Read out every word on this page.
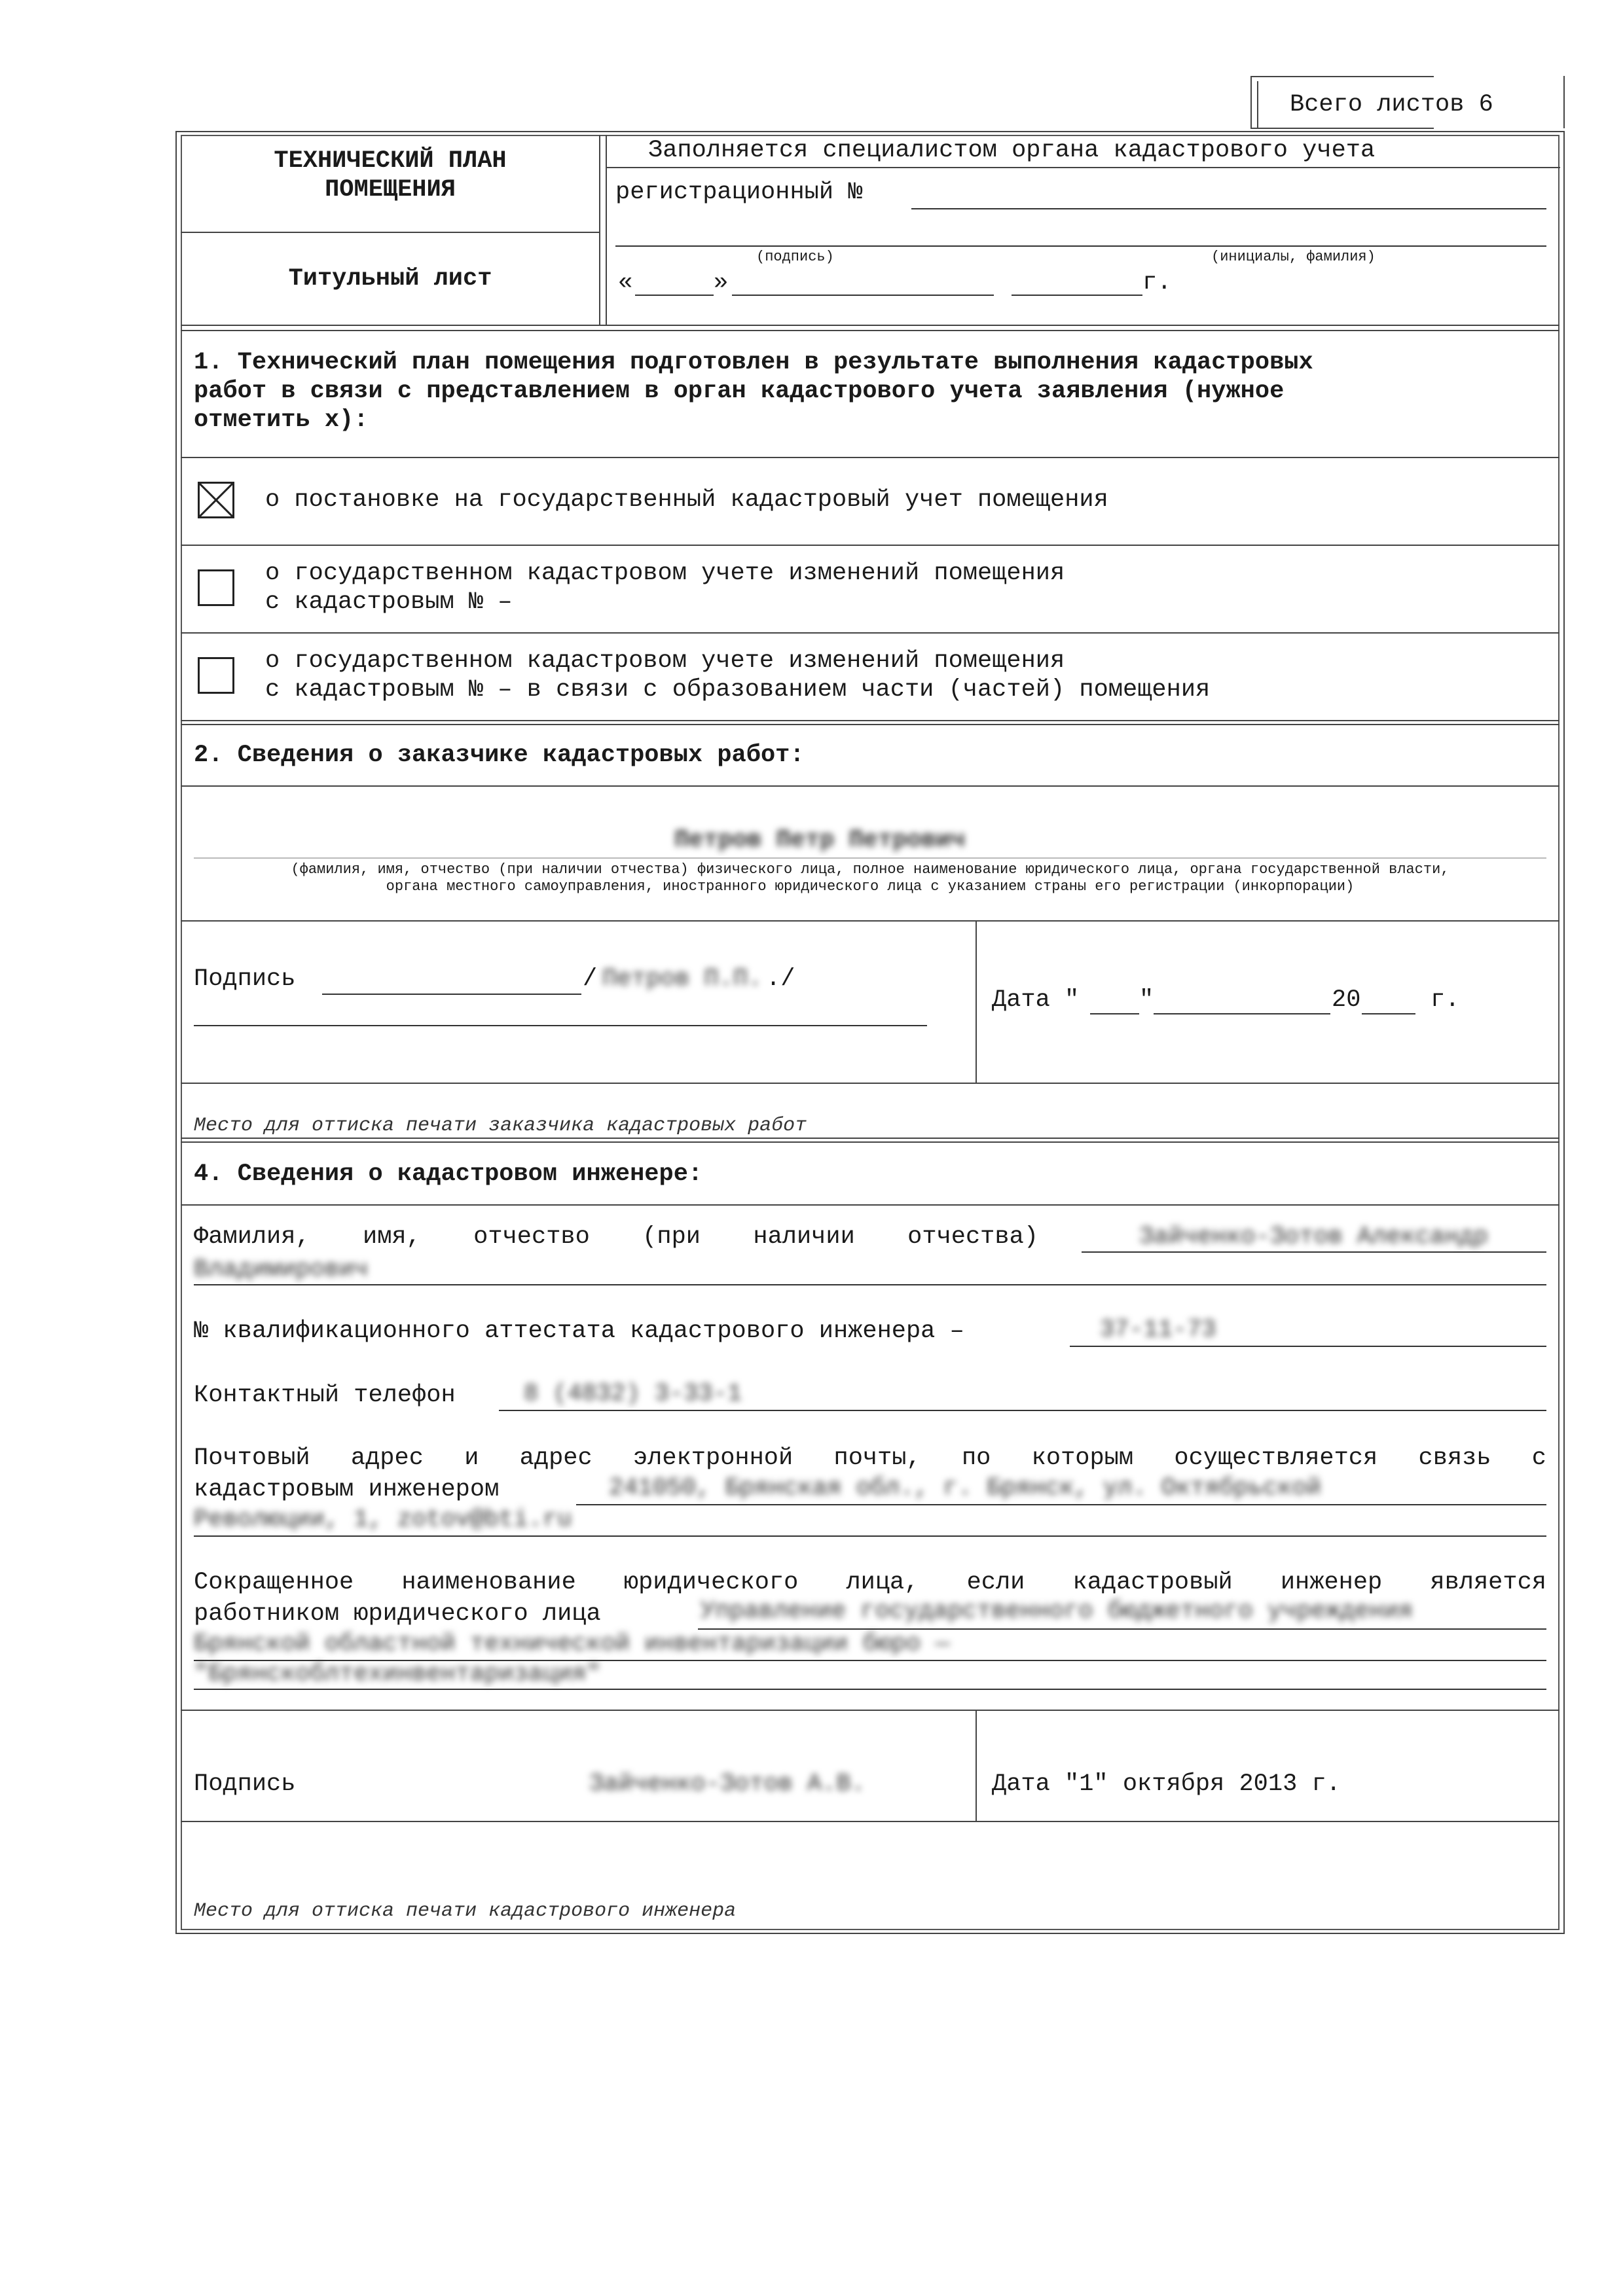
Всего листов 6
ТЕХНИЧЕСКИЙ ПЛАН
ПОМЕЩЕНИЯ
Титульный лист
Заполняется специалистом органа кадастрового учета
регистрационный №
(подпись)	(инициалы, фамилия)
«	»	г.
1. Технический план помещения подготовлен в результате выполнения кадастровых
работ в связи с представлением в орган кадастрового учета заявления (нужное
отметить x):
о постановке на государственный кадастровый учет помещения
о государственном кадастровом учете изменений помещения
с кадастровым № –
о государственном кадастровом учете изменений помещения
с кадастровым № – в связи с образованием части (частей) помещения
2. Сведения о заказчике кадастровых работ:
Петров Петр Петрович
(фамилия, имя, отчество (при наличии отчества) физического лица, полное наименование юридического лица, органа государственной власти,
органа местного самоуправления, иностранного юридического лица с указанием страны его регистрации (инкорпорации)
Подпись	/ Петров П.П. ./
Дата " "	20	г.
Место для оттиска печати заказчика кадастровых работ
4. Сведения о кадастровом инженере:
Фамилия, имя, отчество (при наличии отчества)	Зайченко-Зотов Александр
Владимирович
№ квалификационного аттестата кадастрового инженера –	37-11-73
Контактный телефон	8 (4832) 3-33-1
Почтовый адрес и адрес электронной почты, по которым осуществляется связь с
кадастровым инженером	241050, Брянская обл., г. Брянск, ул. Октябрьской
Революции, 1, zotov@bti.ru
Сокращенное наименование юридического лица, если кадастровый инженер является
работником юридического лица	Управление государственного бюджетного учреждения
Брянской областной технической инвентаризации бюро —
"Брянскоблтехинвентаризация"
Подпись	Зайченко-Зотов А.В.	Дата "1" октября 2013 г.
Место для оттиска печати кадастрового инженера
